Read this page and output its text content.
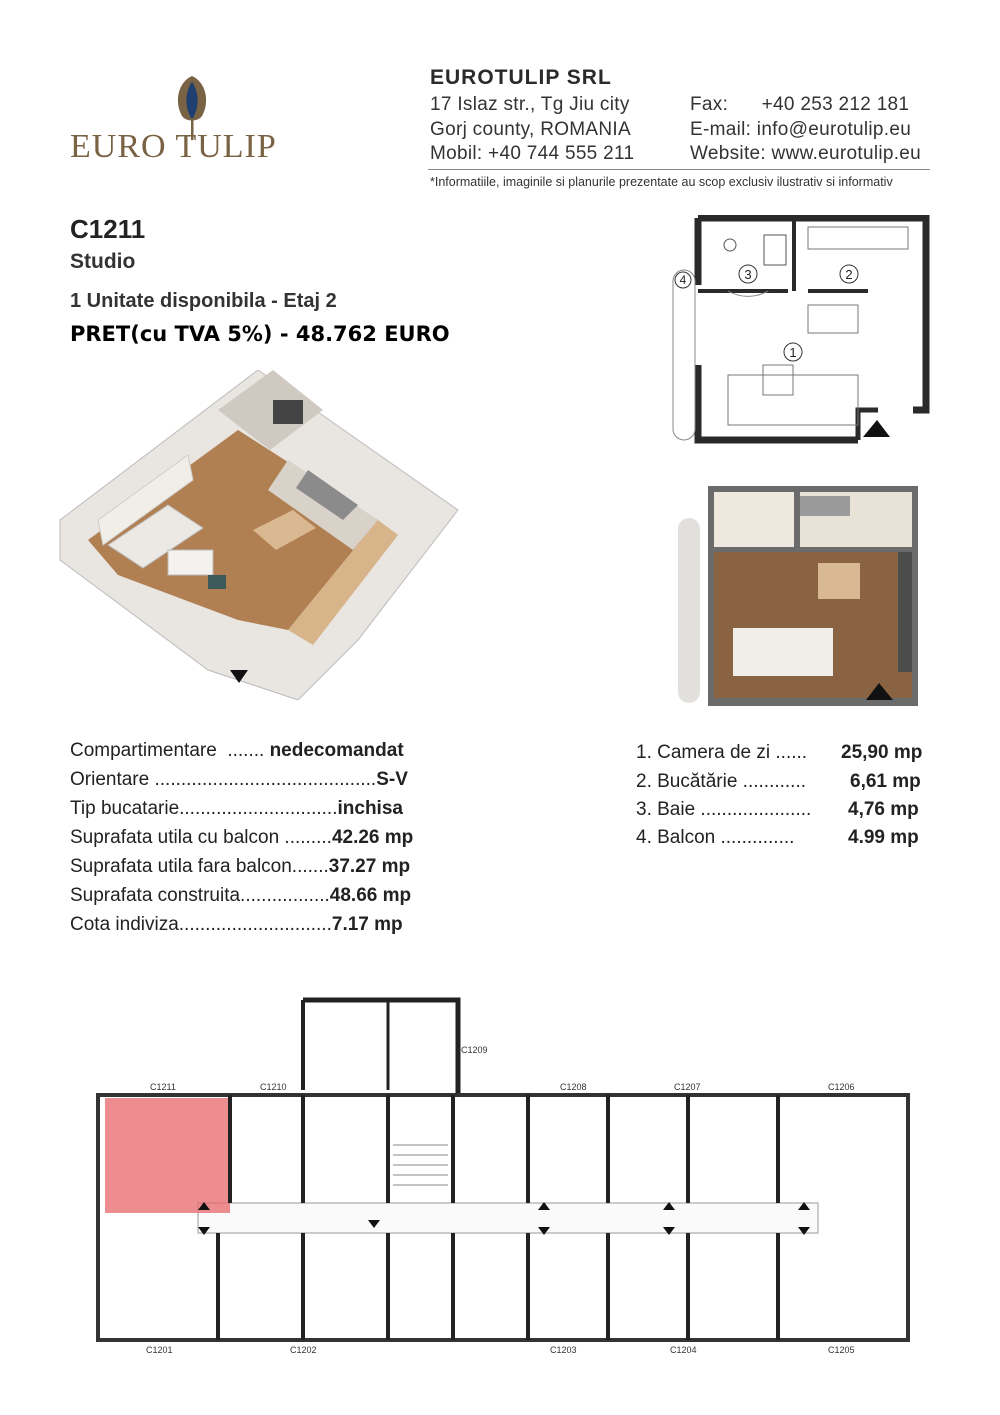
EURO TULIP
EUROTULIP SRL
17 Islaz str., Tg Jiu city
Gorj county, ROMANIA
Mobil: +40 744 555 211
Fax:      +40 253 212 181
E-mail: info@eurotulip.eu
Website: www.eurotulip.eu
*Informatiile, imaginile si planurile prezentate au scop exclusiv ilustrativ si informativ
C1211
Studio
1 Unitate disponibila - Etaj 2
PRET(cu TVA 5%) - 48.762 EURO
3	2
1
4
Compartimentare  ....... nedecomandat
Orientare ..........................................S-V
Tip bucatarie..............................inchisa
Suprafata utila cu balcon .........42.26 mp
Suprafata utila fara balcon.......37.27 mp
Suprafata construita.................48.66 mp
Cota indiviza.............................7.17 mp
1. Camera de zi ...... 25,90 mp
2. Bucătărie ............ 6,61 mp
3. Baie ..................... 4,76 mp
4. Balcon ..............	4.99 mp
C1211	C1210
C1209
C1208	C1207	C1206
C1201	C1202	C1203	C1204	C1205
